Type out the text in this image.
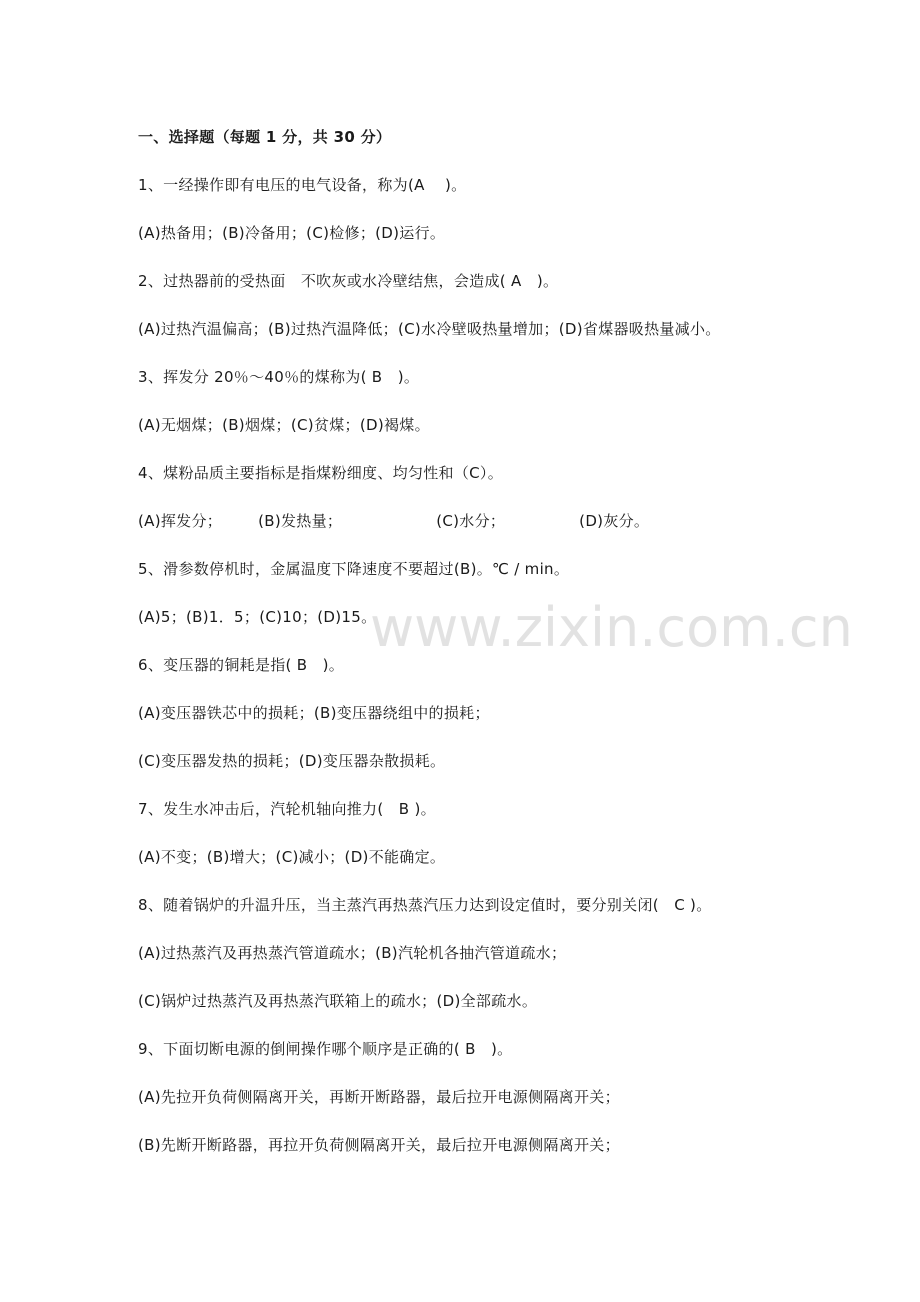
www.zixin.com.cn
一、选择题（每题 1 分，共 30 分）
1、一经操作即有电压的电气设备，称为(A　 )。
(A)热备用；(B)冷备用；(C)检修；(D)运行。
2、过热器前的受热面　不吹灰或水冷壁结焦，会造成( A　)。
(A)过热汽温偏高；(B)过热汽温降低；(C)水冷壁吸热量增加；(D)省煤器吸热量减小。
3、挥发分 20％～40％的煤称为( B　)。
(A)无烟煤；(B)烟煤；(C)贫煤；(D)褐煤。
4、煤粉品质主要指标是指煤粉细度、均匀性和（C）。
(A)挥发分； (B)发热量；	(C)水分；	(D)灰分。
5、滑参数停机时，金属温度下降速度不要超过(B)。℃ / min。
(A)5；(B)1．5；(C)10；(D)15。
6、变压器的铜耗是指( B　)。
(A)变压器铁芯中的损耗；(B)变压器绕组中的损耗；
(C)变压器发热的损耗；(D)变压器杂散损耗。
7、发生水冲击后，汽轮机轴向推力(　B )。
(A)不变；(B)增大；(C)减小；(D)不能确定。
8、随着锅炉的升温升压，当主蒸汽再热蒸汽压力达到设定值时，要分别关闭(　C )。
(A)过热蒸汽及再热蒸汽管道疏水；(B)汽轮机各抽汽管道疏水；
(C)锅炉过热蒸汽及再热蒸汽联箱上的疏水；(D)全部疏水。
9、下面切断电源的倒闸操作哪个顺序是正确的( B　)。
(A)先拉开负荷侧隔离开关，再断开断路器，最后拉开电源侧隔离开关；
(B)先断开断路器，再拉开负荷侧隔离开关，最后拉开电源侧隔离开关；
